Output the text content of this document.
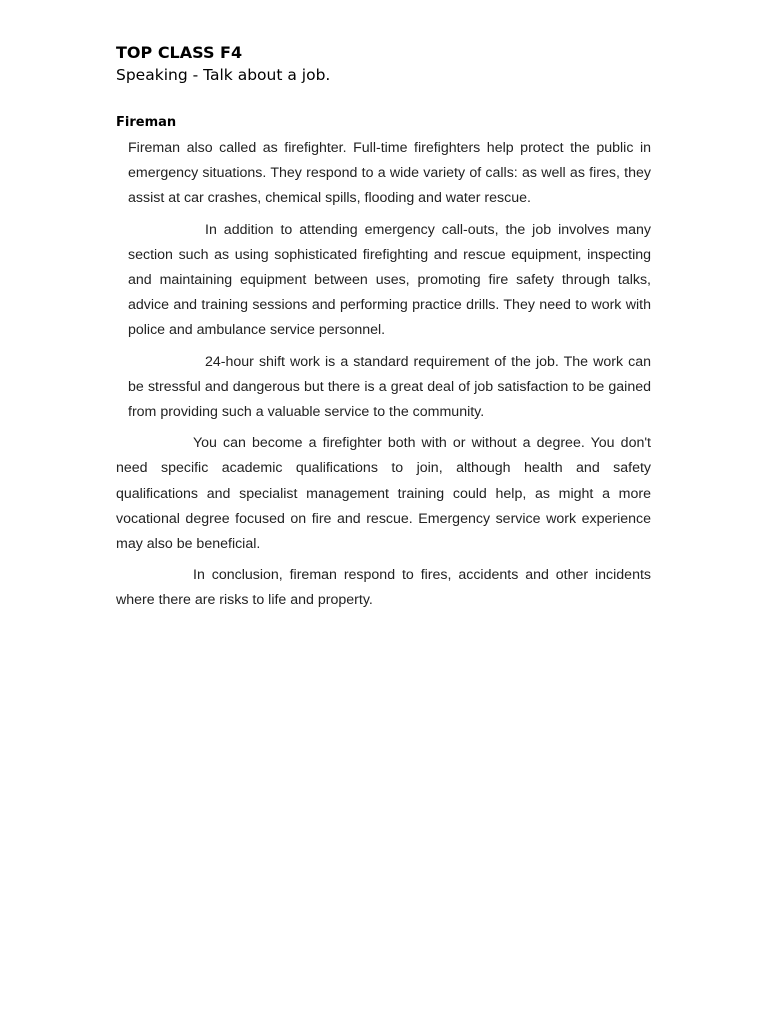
TOP CLASS F4
Speaking - Talk about a job.
Fireman

Fireman also called as firefighter. Full-time firefighters help protect the public in emergency situations. They respond to a wide variety of calls: as well as fires, they assist at car crashes, chemical spills, flooding and water rescue.

In addition to attending emergency call-outs, the job involves many section such as using sophisticated firefighting and rescue equipment, inspecting and maintaining equipment between uses, promoting fire safety through talks, advice and training sessions and performing practice drills. They need to work with police and ambulance service personnel.

24-hour shift work is a standard requirement of the job. The work can be stressful and dangerous but there is a great deal of job satisfaction to be gained from providing such a valuable service to the community.

You can become a firefighter both with or without a degree. You don't need specific academic qualifications to join, although health and safety qualifications and specialist management training could help, as might a more vocational degree focused on fire and rescue. Emergency service work experience may also be beneficial.

In conclusion, fireman respond to fires, accidents and other incidents where there are risks to life and property.
